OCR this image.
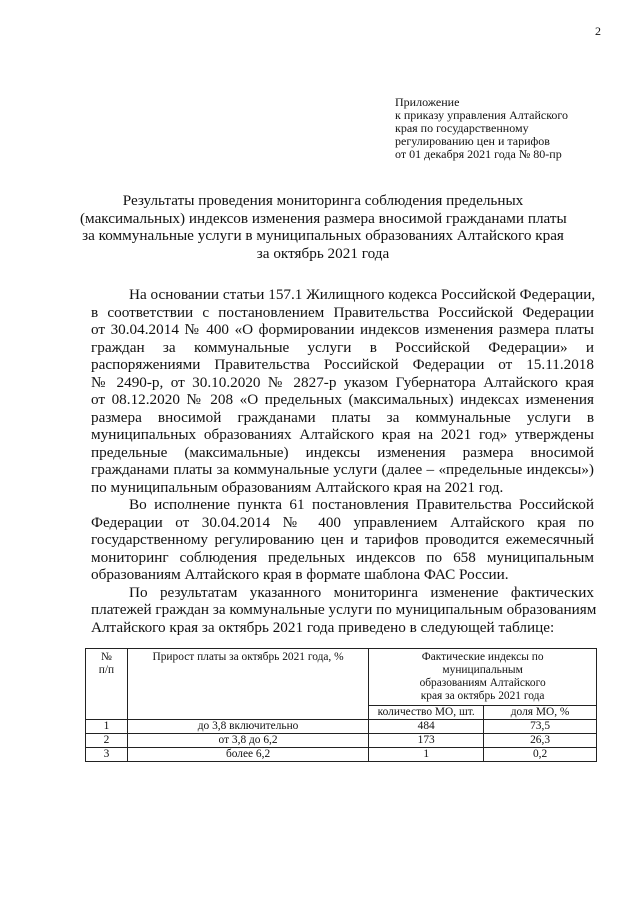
2
Приложение
к приказу управления Алтайского
края по государственному
регулированию цен и тарифов
от 01 декабря 2021 года № 80-пр
Результаты проведения мониторинга соблюдения предельных
(максимальных) индексов изменения размера вносимой гражданами платы
за коммунальные услуги в муниципальных образованиях Алтайского края
за октябрь 2021 года
На основании статьи 157.1 Жилищного кодекса Российской Федерации,
в соответствии с постановлением Правительства Российской Федерации
от 30.04.2014 № 400 «О формировании индексов изменения размера платы
граждан за коммунальные услуги в Российской Федерации» и
распоряжениями Правительства Российской Федерации от 15.11.2018
№ 2490-р, от 30.10.2020 № 2827-р указом Губернатора Алтайского края
от 08.12.2020 № 208 «О предельных (максимальных) индексах изменения
размера вносимой гражданами платы за коммунальные услуги в
муниципальных образованиях Алтайского края на 2021 год» утверждены
предельные (максимальные) индексы изменения размера вносимой
гражданами платы за коммунальные услуги (далее – «предельные индексы»)
по муниципальным образованиям Алтайского края на 2021 год.
Во исполнение пункта 61 постановления Правительства Российской
Федерации от 30.04.2014 № 400 управлением Алтайского края по
государственному регулированию цен и тарифов проводится ежемесячный
мониторинг соблюдения предельных индексов по 658 муниципальным
образованиям Алтайского края в формате шаблона ФАС России.
По результатам указанного мониторинга изменение фактических
платежей граждан за коммунальные услуги по муниципальным образованиям
Алтайского края за октябрь 2021 года приведено в следующей таблице:
№
п/п	Прирост платы за октябрь 2021 года, %	Фактические индексы по муниципальным образованиям Алтайского края за октябрь 2021 года	
		количество МО, шт.	доля МО, %
1	до 3,8 включительно	484	73,5
2	от 3,8 до 6,2	173	26,3
3	более 6,2	1	0,2
